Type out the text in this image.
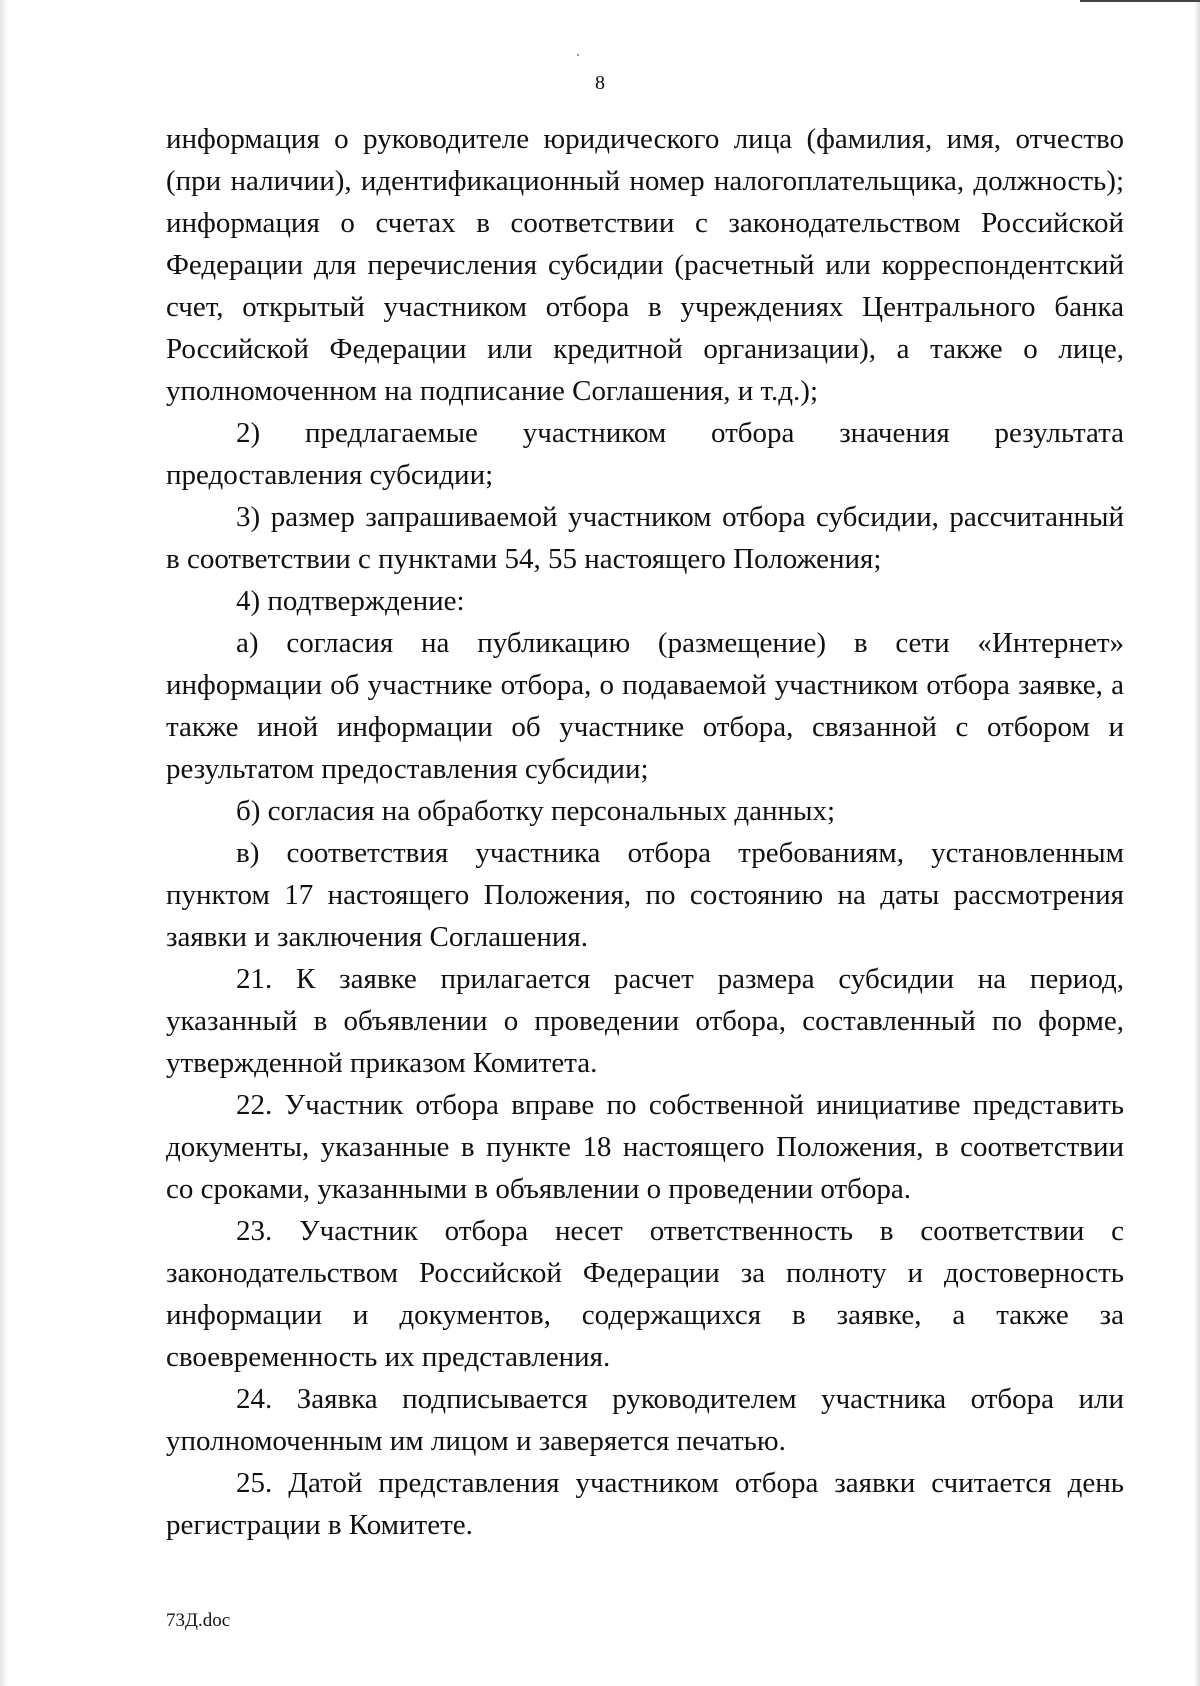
8

информация о руководителе юридического лица (фамилия, имя, отчество (при наличии), идентификационный номер налогоплательщика, должность); информация о счетах в соответствии с законодательством Российской Федерации для перечисления субсидии (расчетный или корреспондентский счет, открытый участником отбора в учреждениях Центрального банка Российской Федерации или кредитной организации), а также о лице, уполномоченном на подписание Соглашения, и т.д.);

2) предлагаемые участником отбора значения результата предоставления субсидии;

3) размер запрашиваемой участником отбора субсидии, рассчитанный в соответствии с пунктами 54, 55 настоящего Положения;

4) подтверждение:

а) согласия на публикацию (размещение) в сети «Интернет» информации об участнике отбора, о подаваемой участником отбора заявке, а также иной информации об участнике отбора, связанной с отбором и результатом предоставления субсидии;

б) согласия на обработку персональных данных;

в) соответствия участника отбора требованиям, установленным пунктом 17 настоящего Положения, по состоянию на даты рассмотрения заявки и заключения Соглашения.

21. К заявке прилагается расчет размера субсидии на период, указанный в объявлении о проведении отбора, составленный по форме, утвержденной приказом Комитета.

22. Участник отбора вправе по собственной инициативе представить документы, указанные в пункте 18 настоящего Положения, в соответствии со сроками, указанными в объявлении о проведении отбора.

23. Участник отбора несет ответственность в соответствии с законодательством Российской Федерации за полноту и достоверность информации и документов, содержащихся в заявке, а также за своевременность их представления.

24. Заявка подписывается руководителем участника отбора или уполномоченным им лицом и заверяется печатью.

25. Датой представления участником отбора заявки считается день регистрации в Комитете.

73Д.doc
